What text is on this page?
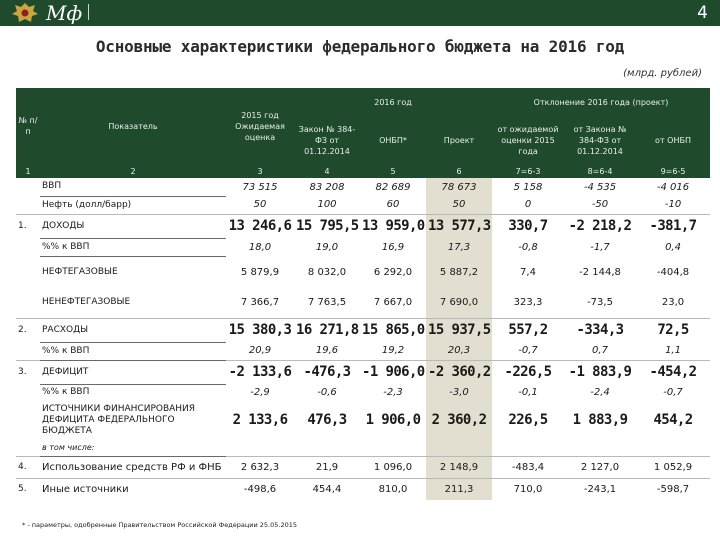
Мф	4
Основные характеристики федерального бюджета на 2016 год
(млрд. рублей)
№ п/п	Показатель	2015 год Ожидаемая оценка	2016 год			Отклонение 2016 года (проект)		
			Закон № 384-ФЗ от 01.12.2014	ОНБП*	Проект	от ожидаемой оценки 2015 года	от Закона № 384-ФЗ от 01.12.2014	от ОНБП
1	2	3	4	5	6	7=6-3	8=6-4	9=6-5
	ВВП	73 515	83 208	82 689	78 673	5 158	-4 535	-4 016
	Нефть (долл/барр)	50	100	60	50	0	-50	-10
1.	ДОХОДЫ	13 246,6	15 795,5	13 959,0	13 577,3	330,7	-2 218,2	-381,7
	%% к ВВП	18,0	19,0	16,9	17,3	-0,8	-1,7	0,4
	НЕФТЕГАЗОВЫЕ	5 879,9	8 032,0	6 292,0	5 887,2	7,4	-2 144,8	-404,8
	НЕНЕФТЕГАЗОВЫЕ	7 366,7	7 763,5	7 667,0	7 690,0	323,3	-73,5	23,0
2.	РАСХОДЫ	15 380,3	16 271,8	15 865,0	15 937,5	557,2	-334,3	72,5
	%% к ВВП	20,9	19,6	19,2	20,3	-0,7	0,7	1,1
3.	ДЕФИЦИТ	-2 133,6	-476,3	-1 906,0	-2 360,2	-226,5	-1 883,9	-454,2
	%% к ВВП	-2,9	-0,6	-2,3	-3,0	-0,1	-2,4	-0,7
	ИСТОЧНИКИ ФИНАНСИРОВАНИЯ ДЕФИЦИТА ФЕДЕРАЛЬНОГО БЮДЖЕТА	2 133,6	476,3	1 906,0	2 360,2	226,5	1 883,9	454,2
	в том числе:							
4.	Использование средств РФ и ФНБ	2 632,3	21,9	1 096,0	2 148,9	-483,4	2 127,0	1 052,9
5.	Иные источники	-498,6	454,4	810,0	211,3	710,0	-243,1	-598,7
* - параметры, одобренные Правительством Российской Федерации 25.05.2015
